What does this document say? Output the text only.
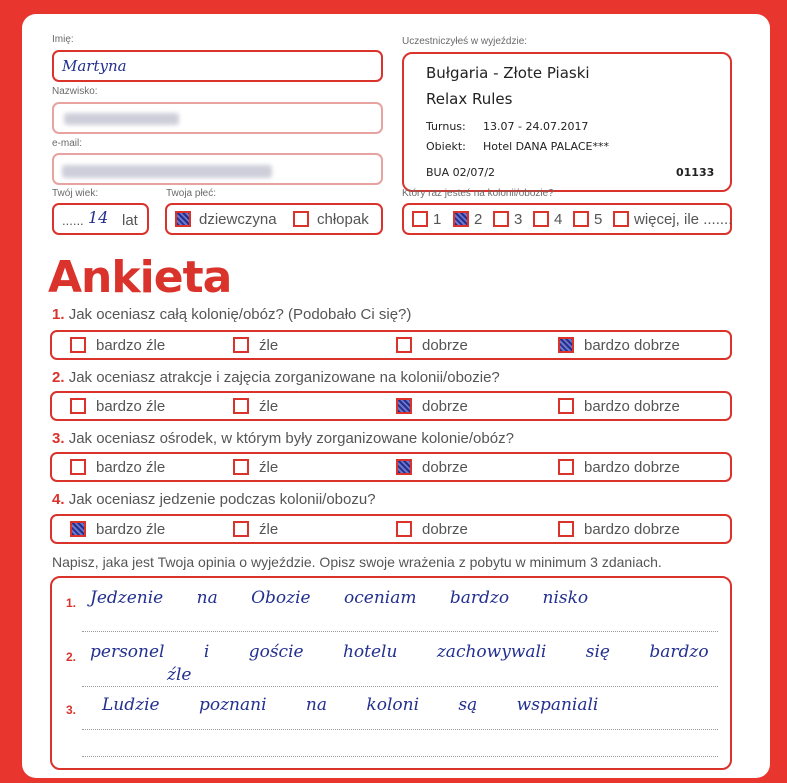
Imię:
Martyna
Nazwisko:
e-mail:
Twój wiek:
...... 14 lat
Twoja płeć:
dziewczyna	chłopak
Uczestniczyłeś w wyjeździe:
Bułgaria - Złote Piaski
Relax Rules
Turnus: 13.07 - 24.07.2017
Obiekt: Hotel DANA PALACE***
BUA 02/07/2	01133
Który raz jesteś na kolonii/obozie?
1 2 3 4 5 więcej, ile .......
Ankieta
1. Jak oceniasz całą kolonię/obóz? (Podobało Ci się?)
bardzo źle	źle	dobrze	bardzo dobrze
2. Jak oceniasz atrakcje i zajęcia zorganizowane na kolonii/obozie?
bardzo źle	źle	dobrze	bardzo dobrze
3. Jak oceniasz ośrodek, w którym były zorganizowane kolonie/obóz?
bardzo źle	źle	dobrze	bardzo dobrze
4. Jak oceniasz jedzenie podczas kolonii/obozu?
bardzo źle	źle	dobrze	bardzo dobrze
Napisz, jaka jest Twoja opinia o wyjeździe. Opisz swoje wrażenia z pobytu w minimum 3 zdaniach.
1. Jedzenie na Obozie oceniam bardzo nisko
2. personel i goście hotelu zachowywali się bardzo
źle
3. Ludzie poznani na koloni są wspaniali
